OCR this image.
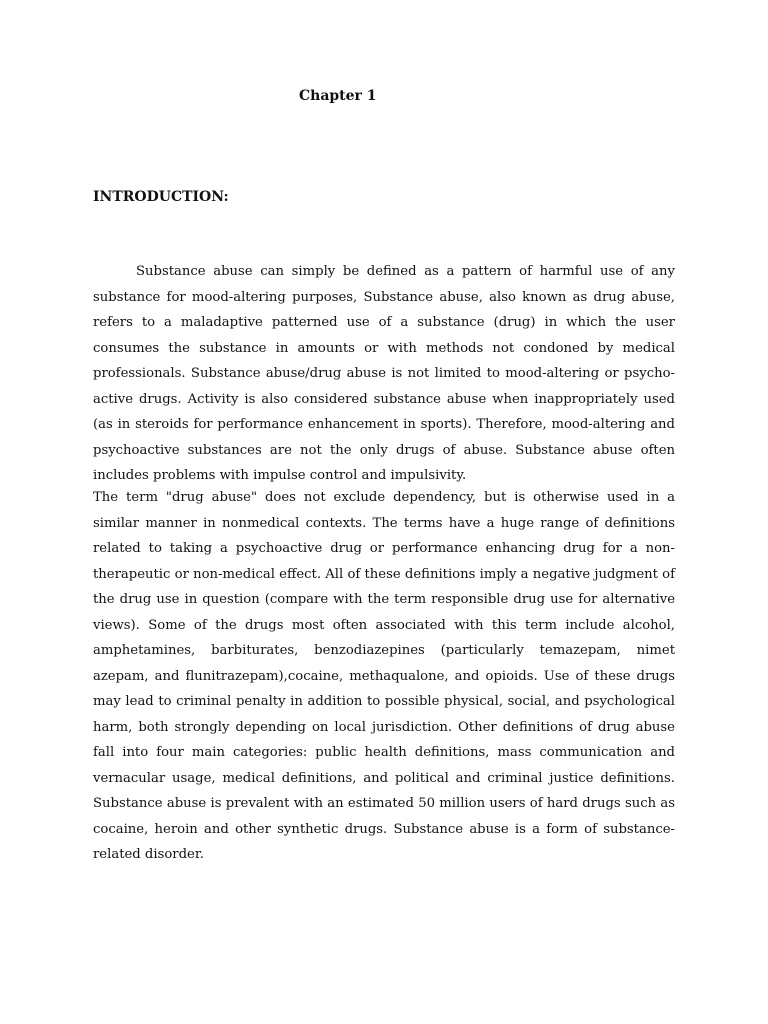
Chapter 1
INTRODUCTION:

Substance abuse can simply be defined as a pattern of harmful use of any substance for mood-altering purposes, Substance abuse, also known as drug abuse, refers to a maladaptive patterned use of a substance (drug) in which the user consumes the substance in amounts or with methods not condoned by medical professionals. Substance abuse/drug abuse is not limited to mood-altering or psycho-active drugs. Activity is also considered substance abuse when inappropriately used (as in steroids for performance enhancement in sports). Therefore, mood-altering and psychoactive substances are not the only drugs of abuse. Substance abuse often includes problems with impulse control and impulsivity.

The term "drug abuse" does not exclude dependency, but is otherwise used in a similar manner in nonmedical contexts. The terms have a huge range of definitions related to taking a psychoactive drug or performance enhancing drug for a non-therapeutic or non-medical effect. All of these definitions imply a negative judgment of the drug use in question (compare with the term responsible drug use for alternative views). Some of the drugs most often associated with this term include alcohol, amphetamines, barbiturates, benzodiazepines (particularly temazepam, nimet azepam, and flunitrazepam),cocaine, methaqualone, and opioids. Use of these drugs may lead to criminal penalty in addition to possible physical, social, and psychological harm, both strongly depending on local jurisdiction. Other definitions of drug abuse fall into four main categories: public health definitions, mass communication and vernacular usage, medical definitions, and political and criminal justice definitions. Substance abuse is prevalent with an estimated 50 million users of hard drugs such as cocaine, heroin and other synthetic drugs. Substance abuse is a form of substance-related disorder.
